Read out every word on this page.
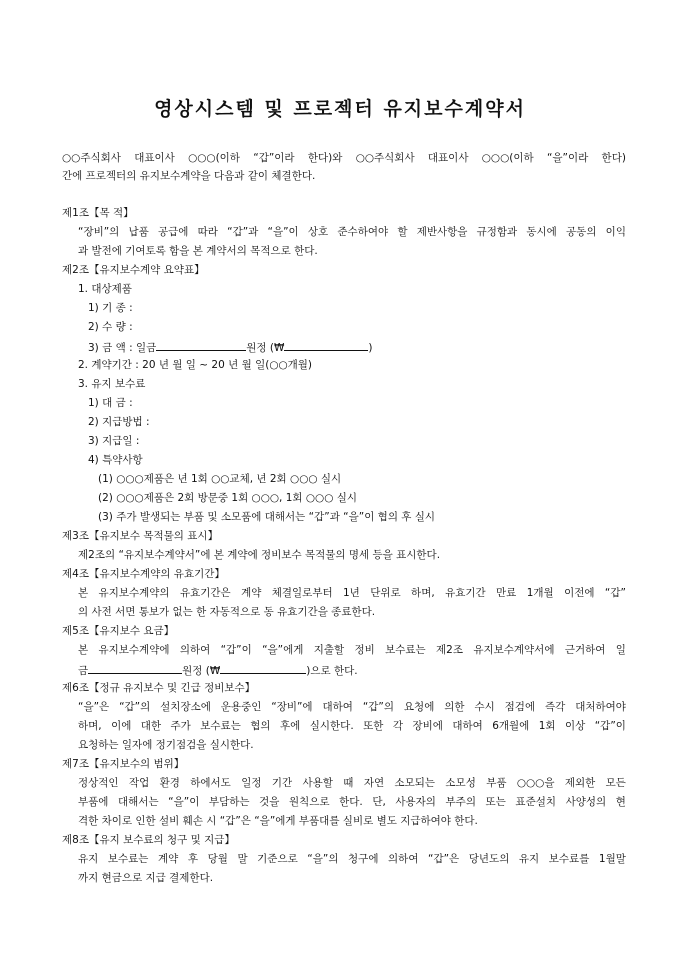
영상시스템 및 프로젝터 유지보수계약서
○○주식회사 대표이사 ○○○(이하 “갑”이라 한다)와 ○○주식회사 대표이사 ○○○(이하 “을”이라 한다)
간에 프로젝터의 유지보수계약을 다음과 같이 체결한다.
제1조【목 적】
“장비”의 납품 공급에 따라 “갑”과 “을”이 상호 준수하여야 할 제반사항을 규정함과 동시에 공동의 이익
과 발전에 기여토록 함을 본 계약서의 목적으로 한다.
제2조【유지보수계약 요약표】
1. 대상제품
1) 기 종 :
2) 수 량 :
3) 금 액 : 일금	원정 (₩	)
2. 계약기간 : 20 년 월 일 ~ 20 년 월 일(○○개월)
3. 유지 보수료
1) 대 금 :
2) 지급방법 :
3) 지급일 :
4) 특약사항
(1) ○○○제품은 년 1회 ○○교체, 년 2회 ○○○ 실시
(2) ○○○제품은 2회 방문중 1회 ○○○, 1회 ○○○ 실시
(3) 주가 발생되는 부품 및 소모품에 대해서는 “갑”과 “을”이 협의 후 실시
제3조【유지보수 목적물의 표시】
제2조의 “유지보수계약서”에 본 계약에 정비보수 목적물의 명세 등을 표시한다.
제4조【유지보수계약의 유효기간】
본 유지보수계약의 유효기간은 계약 체결일로부터 1년 단위로 하며, 유효기간 만료 1개월 이전에 “갑”
의 사전 서면 통보가 없는 한 자동적으로 동 유효기간을 종료한다.
제5조【유지보수 요금】
본 유지보수계약에 의하여 “갑”이 “을”에게 지출할 정비 보수료는 제2조 유지보수계약서에 근거하여 일
금	원정 (₩	)으로 한다.
제6조【정규 유지보수 및 긴급 정비보수】
“을”은 “갑”의 설치장소에 운용중인 “장비”에 대하여 “갑”의 요청에 의한 수시 점검에 즉각 대처하여야
하며, 이에 대한 주가 보수료는 협의 후에 실시한다. 또한 각 장비에 대하여 6개월에 1회 이상 “갑”이
요청하는 일자에 정기점검을 실시한다.
제7조【유지보수의 범위】
정상적인 작업 환경 하에서도 일정 기간 사용할 때 자연 소모되는 소모성 부품 ○○○을 제외한 모든
부품에 대해서는 “을”이 부담하는 것을 원칙으로 한다. 단, 사용자의 부주의 또는 표준설치 사양성의 현
격한 차이로 인한 설비 훼손 시 “갑”은 “을”에게 부품대를 실비로 별도 지급하여야 한다.
제8조【유지 보수료의 청구 및 지급】
유지 보수료는 계약 후 당월 말 기준으로 “을”의 청구에 의하여 “갑”은 당년도의 유지 보수료를 1월말
까지 현금으로 지급 결제한다.
